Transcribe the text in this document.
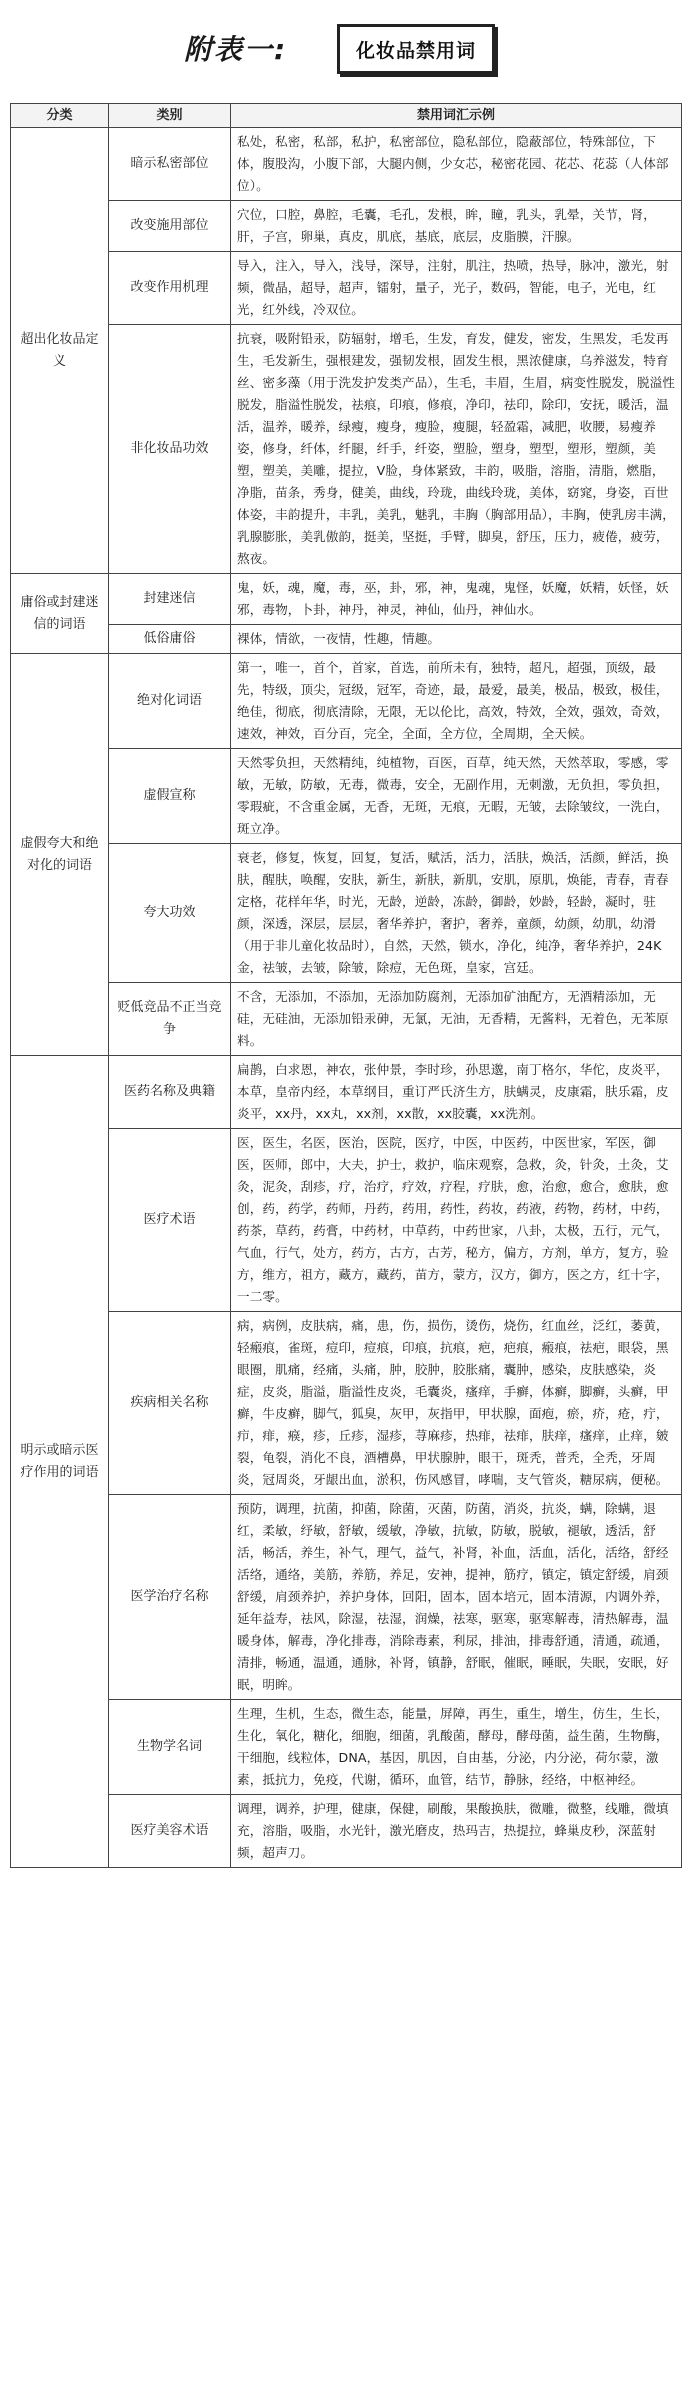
附表一:	化妆品禁用词
分类	类别	禁用词汇示例
超出化妆品定义	暗示私密部位	私处，私密，私部，私护，私密部位，隐私部位，隐蔽部位，特殊部位，下体，腹股沟，小腹下部，大腿内侧，少女芯，秘密花园、花芯、花蕊（人体部位）。
	改变施用部位	穴位，口腔，鼻腔，毛囊，毛孔，发根，眸，瞳，乳头，乳晕，关节，肾，肝，子宫，卵巢，真皮，肌底，基底，底层，皮脂膜，汗腺。
	改变作用机理	导入，注入，导入，浅导，深导，注射，肌注，热喷，热导，脉冲，激光，射频，微晶，超导，超声，镭射，量子，光子，数码，智能，电子，光电，红光，红外线，冷双位。
	非化妆品功效	抗衰，吸附铅汞，防辐射，增毛，生发，育发，健发，密发，生黑发，毛发再生，毛发新生，强根建发，强韧发根，固发生根，黑浓健康，乌养滋发，特育丝、密多藻（用于洗发护发类产品），生毛，丰眉，生眉，病变性脱发，脱溢性脱发，脂溢性脱发，祛痕，印痕，修痕，净印，祛印，除印，安抚，暖活，温活，温养，暖养，绿瘦，瘦身，瘦脸，瘦腿，轻盈霜，减肥，收腰，易瘦养姿，修身，纤体，纤腿，纤手，纤姿，塑脸，塑身，塑型，塑形，塑颜，美塑，塑美，美雕，提拉，V脸，身体紧致，丰韵，吸脂，溶脂，清脂，燃脂，净脂，苗条，秀身，健美，曲线，玲珑，曲线玲珑，美体，窈窕，身姿，百世体姿，丰韵提升，丰乳，美乳，魅乳，丰胸（胸部用品），丰胸，使乳房丰满，乳腺膨胀，美乳傲韵，挺美，坚挺，手臂，脚臭，舒压，压力，疲倦，疲劳，熬夜。
庸俗或封建迷信的词语	封建迷信	鬼，妖，魂，魔，毒，巫，卦，邪，神，鬼魂，鬼怪，妖魔，妖精，妖怪，妖邪，毒物，卜卦，神丹，神灵，神仙，仙丹，神仙水。
	低俗庸俗	裸体，情欲，一夜情，性趣，情趣。
虚假夸大和绝对化的词语	绝对化词语	第一，唯一，首个，首家，首选，前所未有，独特，超凡，超强，顶级，最先，特级，顶尖，冠级，冠军，奇迹，最，最爱，最美，极品，极致，极佳，绝佳，彻底，彻底清除，无限，无以伦比，高效，特效，全效，强效，奇效，速效，神效，百分百，完全，全面，全方位，全周期，全天候。
	虚假宣称	天然零负担，天然精纯，纯植物，百医，百草，纯天然，天然萃取，零感，零敏，无敏，防敏，无毒，微毒，安全，无副作用，无刺激，无负担，零负担，零瑕疵，不含重金属，无香，无斑，无痕，无暇，无皱，去除皱纹，一洗白，斑立净。
	夸大功效	衰老，修复，恢复，回复，复活，赋活，活力，活肤，焕活，活颜，鲜活，换肤，醒肤，唤醒，安肤，新生，新肤，新肌，安肌，原肌，焕能，青春，青春定格，花样年华，时光，无龄，逆龄，冻龄，御龄，妙龄，轻龄，凝时，驻颜，深透，深层，层层，奢华养护，奢护，奢养，童颜，幼颜，幼肌，幼滑（用于非儿童化妆品时），自然，天然，锁水，净化，纯净，奢华养护，24K金，祛皱，去皱，除皱，除痘，无色斑，皇家，宫廷。
	贬低竞品不正当竞争	不含，无添加，不添加，无添加防腐剂，无添加矿油配方，无酒精添加，无硅，无硅油，无添加铅汞砷，无氯，无油，无香精，无酱料，无着色，无苯原料。
明示或暗示医疗作用的词语	医药名称及典籍	扁鹊，白求恩，神农，张仲景，李时珍，孙思邈，南丁格尔，华佗，皮炎平，本草，皇帝内经，本草纲目，重订严氏济生方，肤螨灵，皮康霜，肤乐霜，皮炎平，xx丹，xx丸，xx剂，xx散，xx胶囊，xx洗剂。
	医疗术语	医，医生，名医，医治，医院，医疗，中医，中医药，中医世家，军医，御医，医师，郎中，大夫，护士，救护，临床观察，急救，灸，针灸，土灸，艾灸，泥灸，刮疹，疗，治疗，疗效，疗程，疗肤，愈，治愈，愈合，愈肤，愈创，药，药学，药师，丹药，药用，药性，药妆，药液，药物，药材，中药，药茶，草药，药膏，中药材，中草药，中药世家，八卦，太极，五行，元气，气血，行气，处方，药方，古方，古芳，秘方，偏方，方剂，单方，复方，验方，维方，祖方，藏方，藏药，苗方，蒙方，汉方，御方，医之方，红十字，一二零。
	疾病相关名称	病，病例，皮肤病，痛，患，伤，损伤，烫伤，烧伤，红血丝，泛红，萎黄，轻瘢痕，雀斑，痘印，痘痕，印痕，抗痕，疤，疤痕，瘢痕，祛疤，眼袋，黑眼圈，肌痛，经痛，头痛，肿，胶肿，胶胀痛，囊肿，感染，皮肤感染，炎症，皮炎，脂溢，脂溢性皮炎，毛囊炎，瘙痒，手癣，体癣，脚癣，头癣，甲癣，牛皮癣，脚气，狐臭，灰甲，灰指甲，甲状腺，面疱，瘀，疥，疮，疔，疖，痱，瘊，疹，丘疹，湿疹，荨麻疹，热痱，祛痱，肤痒，瘙痒，止痒，皴裂，龟裂，消化不良，酒槽鼻，甲状腺肿，眼干，斑秃，普秃，全秃，牙周炎，冠周炎，牙龈出血，淤积，伤风感冒，哮喘，支气管炎，糖尿病，便秘。
	医学治疗名称	预防，调理，抗菌，抑菌，除菌，灭菌，防菌，消炎，抗炎，螨，除螨，退红，柔敏，纾敏，舒敏，缓敏，净敏，抗敏，防敏，脱敏，褪敏，透活，舒活，畅活，养生，补气，理气，益气，补肾，补血，活血，活化，活络，舒经活络，通络，美筋，养筋，养足，安神，提神，筋疗，镇定，镇定舒缓，肩颈舒缓，肩颈养护，养护身体，回阳，固本，固本培元，固本清源，内调外养，延年益寿，祛风，除湿，祛湿，润燥，祛寒，驱寒，驱寒解毒，清热解毒，温暖身体，解毒，净化排毒，消除毒素，利尿，排油，排毒舒通，清通，疏通，清排，畅通，温通，通脉，补肾，镇静，舒眠，催眠，睡眠，失眠，安眠，好眠，明眸。
	生物学名词	生理，生机，生态，微生态，能量，屏障，再生，重生，增生，仿生，生长，生化，氧化，糖化，细胞，细菌，乳酸菌，酵母，酵母菌，益生菌，生物酶，干细胞，线粒体，DNA，基因，肌因，自由基，分泌，内分泌，荷尔蒙，激素，抵抗力，免疫，代谢，循环，血管，结节，静脉，经络，中枢神经。
	医疗美容术语	调理，调养，护理，健康，保健，刷酸，果酸换肤，微雕，微整，线雕，微填充，溶脂，吸脂，水光针，激光磨皮，热玛吉，热提拉，蜂巢皮秒，深蓝射频，超声刀。
